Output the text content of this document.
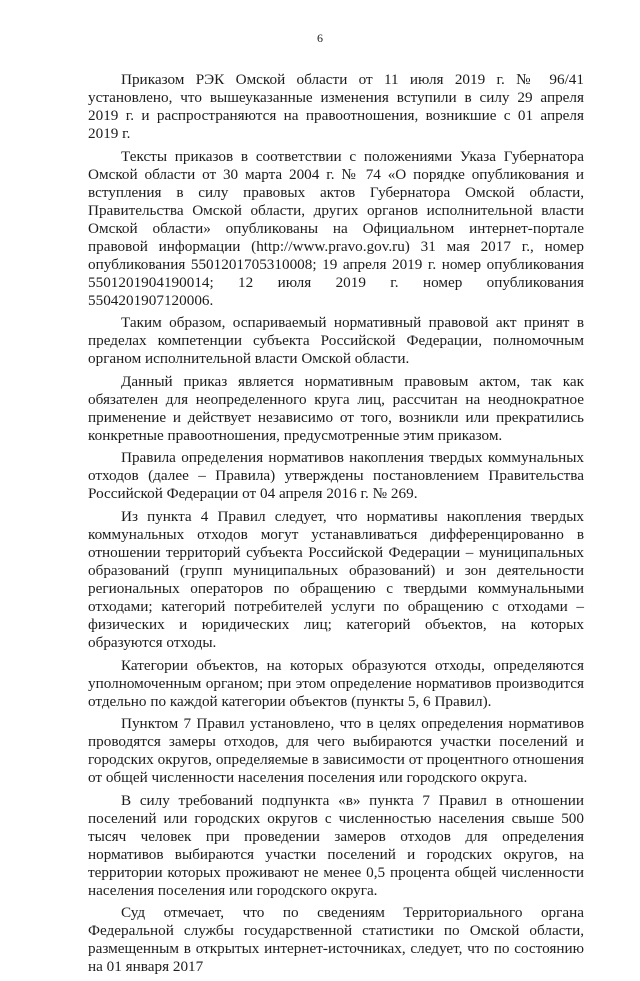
6

Приказом РЭК Омской области от 11 июля 2019 г. № 96/41 установлено, что вышеуказанные изменения вступили в силу 29 апреля 2019 г. и распространяются на правоотношения, возникшие с 01 апреля 2019 г.

Тексты приказов в соответствии с положениями Указа Губернатора Омской области от 30 марта 2004 г. № 74 «О порядке опубликования и вступления в силу правовых актов Губернатора Омской области, Правительства Омской области, других органов исполнительной власти Омской области» опубликованы на Официальном интернет-портале правовой информации (http://www.pravo.gov.ru) 31 мая 2017 г., номер опубликования 5501201705310008; 19 апреля 2019 г. номер опубликования 5501201904190014; 12 июля 2019 г. номер опубликования 5504201907120006.

Таким образом, оспариваемый нормативный правовой акт принят в пределах компетенции субъекта Российской Федерации, полномочным органом исполнительной власти Омской области.

Данный приказ является нормативным правовым актом, так как обязателен для неопределенного круга лиц, рассчитан на неоднократное применение и действует независимо от того, возникли или прекратились конкретные правоотношения, предусмотренные этим приказом.

Правила определения нормативов накопления твердых коммунальных отходов (далее – Правила) утверждены постановлением Правительства Российской Федерации от 04 апреля 2016 г. № 269.

Из пункта 4 Правил следует, что нормативы накопления твердых коммунальных отходов могут устанавливаться дифференцированно в отношении территорий субъекта Российской Федерации – муниципальных образований (групп муниципальных образований) и зон деятельности региональных операторов по обращению с твердыми коммунальными отходами; категорий потребителей услуги по обращению с отходами – физических и юридических лиц; категорий объектов, на которых образуются отходы.

Категории объектов, на которых образуются отходы, определяются уполномоченным органом; при этом определение нормативов производится отдельно по каждой категории объектов (пункты 5, 6 Правил).

Пунктом 7 Правил установлено, что в целях определения нормативов проводятся замеры отходов, для чего выбираются участки поселений и городских округов, определяемые в зависимости от процентного отношения от общей численности населения поселения или городского округа.

В силу требований подпункта «в» пункта 7 Правил в отношении поселений или городских округов с численностью населения свыше 500 тысяч человек при проведении замеров отходов для определения нормативов выбираются участки поселений и городских округов, на территории которых проживают не менее 0,5 процента общей численности населения поселения или городского округа.

Суд отмечает, что по сведениям Территориального органа Федеральной службы государственной статистики по Омской области, размещенным в открытых интернет-источниках, следует, что по состоянию на 01 января 2017
